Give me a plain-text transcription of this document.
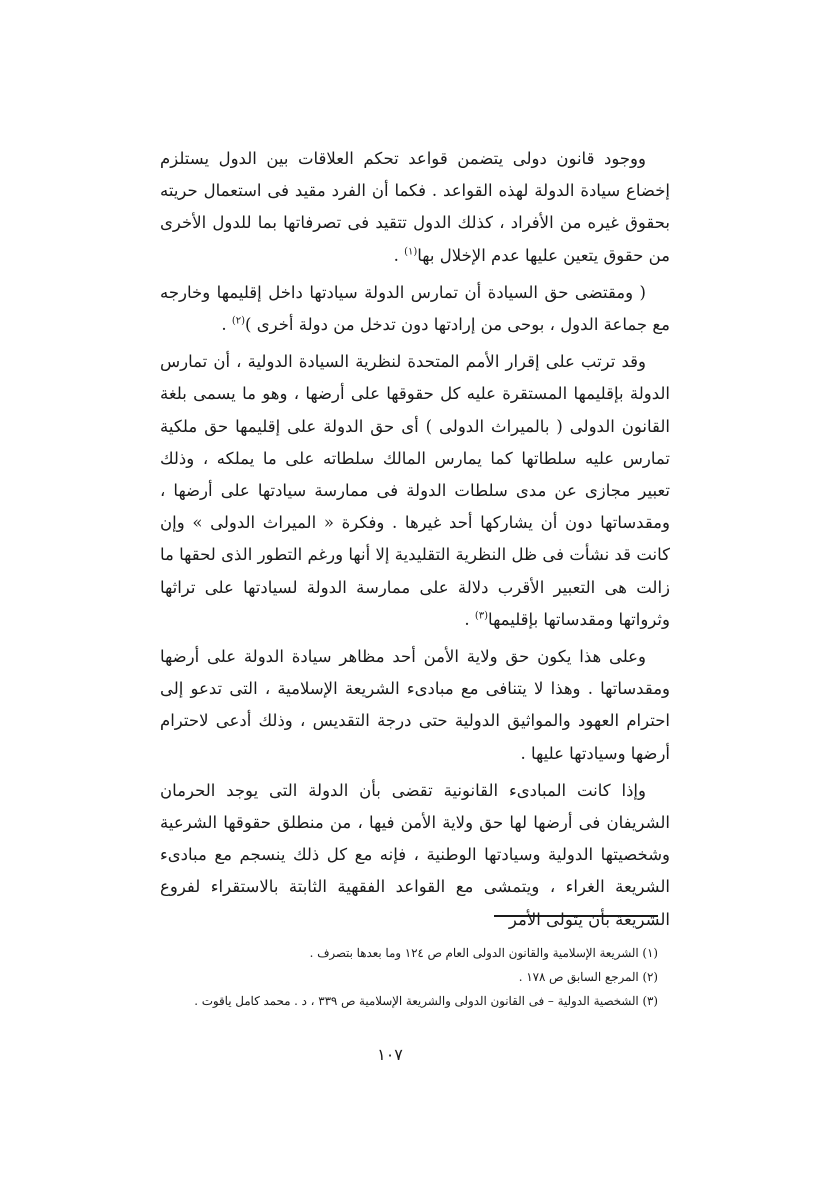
ووجود قانون دولى يتضمن قواعد تحكم العلاقات بين الدول يستلزم إخضاع سيادة الدولة لهذه القواعد . فكما أن الفرد مقيد فى استعمال حريته بحقوق غيره من الأفراد ، كذلك الدول تتقيد فى تصرفاتها بما للدول الأخرى من حقوق يتعين عليها عدم الإخلال بها$^{(١)}$ .

( ومقتضى حق السيادة أن تمارس الدولة سيادتها داخل إقليمها وخارجه مع جماعة الدول ، بوحى من إرادتها دون تدخل من دولة أخرى )$^{(٢)}$ .

وقد ترتب على إقرار الأمم المتحدة لنظرية السيادة الدولية ، أن تمارس الدولة بإقليمها المستقرة عليه كل حقوقها على أرضها ، وهو ما يسمى بلغة القانون الدولى ( بالميراث الدولى ) أى حق الدولة على إقليمها حق ملكية تمارس عليه سلطاتها كما يمارس المالك سلطاته على ما يملكه ، وذلك تعبير مجازى عن مدى سلطات الدولة فى ممارسة سيادتها على أرضها ، ومقدساتها دون أن يشاركها أحد غيرها . وفكرة « الميراث الدولى » وإن كانت قد نشأت فى ظل النظرية التقليدية إلا أنها ورغم التطور الذى لحقها ما زالت هى التعبير الأقرب دلالة على ممارسة الدولة لسيادتها على تراثها وثرواتها ومقدساتها بإقليمها$^{(٣)}$ .

وعلى هذا يكون حق ولاية الأمن أحد مظاهر سيادة الدولة على أرضها ومقدساتها . وهذا لا يتنافى مع مبادىء الشريعة الإسلامية ، التى تدعو إلى احترام العهود والمواثيق الدولية حتى درجة التقديس ، وذلك أدعى لاحترام أرضها وسيادتها عليها .

وإذا كانت المبادىء القانونية تقضى بأن الدولة التى يوجد الحرمان الشريفان فى أرضها لها حق ولاية الأمن فيها ، من منطلق حقوقها الشرعية وشخصيتها الدولية وسيادتها الوطنية ، فإنه مع كل ذلك ينسجم مع مبادىء الشريعة الغراء ، ويتمشى مع القواعد الفقهية الثابتة بالاستقراء لفروع الشريعة بأن يتولى الأمر

(١) الشريعة الإسلامية والقانون الدولى العام ص ١٢٤ وما بعدها بتصرف .
(٢) المرجع السابق ص ١٧٨ .
(٣) الشخصية الدولية – فى القانون الدولى والشريعة الإسلامية ص ٣٣٩ ، د . محمد كامل ياقوت .
١٠٧
